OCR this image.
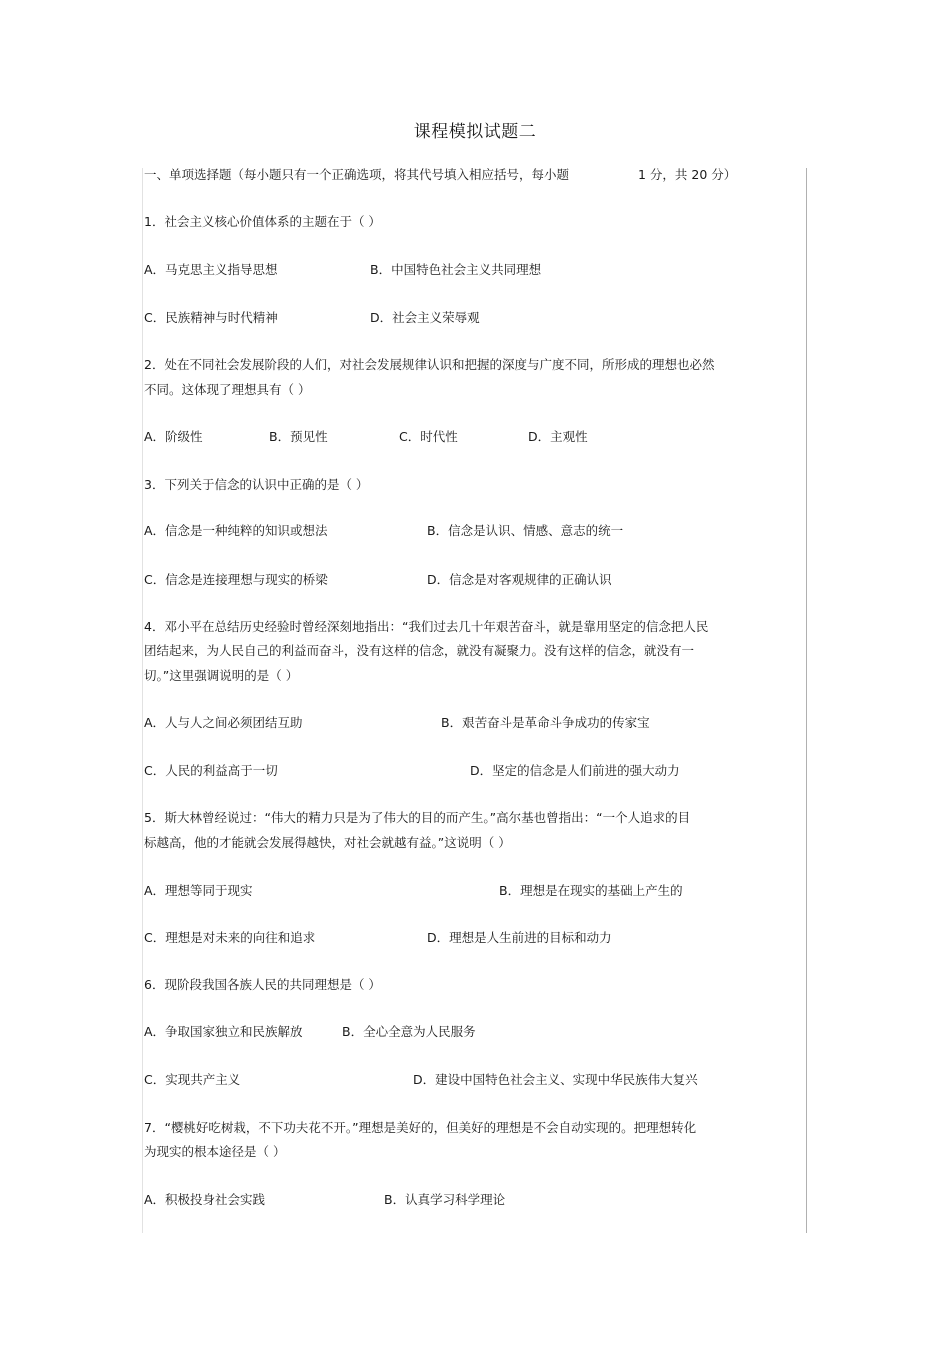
课程模拟试题二
一、单项选择题（每小题只有一个正确选项，将其代号填入相应括号，每小题	1 分，共 20 分）
1．社会主义核心价值体系的主题在于（ ）
A．马克思主义指导思想	B．中国特色社会主义共同理想
C．民族精神与时代精神	D．社会主义荣辱观
2．处在不同社会发展阶段的人们，对社会发展规律认识和把握的深度与广度不同，所形成的理想也必然
不同。这体现了理想具有（ ）
A．阶级性	B．预见性	C．时代性	D．主观性
3．下列关于信念的认识中正确的是（ ）
A．信念是一种纯粹的知识或想法	B．信念是认识、情感、意志的统一
C．信念是连接理想与现实的桥梁	D．信念是对客观规律的正确认识
4．邓小平在总结历史经验时曾经深刻地指出：“我们过去几十年艰苦奋斗，就是靠用坚定的信念把人民
团结起来，为人民自己的利益而奋斗，没有这样的信念，就没有凝聚力。没有这样的信念，就没有一
切。”这里强调说明的是（ ）
A．人与人之间必须团结互助	B．艰苦奋斗是革命斗争成功的传家宝
C．人民的利益高于一切	D．坚定的信念是人们前进的强大动力
5．斯大林曾经说过：“伟大的精力只是为了伟大的目的而产生。”高尔基也曾指出：“一个人追求的目
标越高，他的才能就会发展得越快，对社会就越有益。”这说明（ ）
A．理想等同于现实	B．理想是在现实的基础上产生的
C．理想是对未来的向往和追求	D．理想是人生前进的目标和动力
6．现阶段我国各族人民的共同理想是（ ）
A．争取国家独立和民族解放	B．全心全意为人民服务
C．实现共产主义	D．建设中国特色社会主义、实现中华民族伟大复兴
7．“樱桃好吃树栽，不下功夫花不开。”理想是美好的，但美好的理想是不会自动实现的。把理想转化
为现实的根本途径是（ ）
A．积极投身社会实践	B．认真学习科学理论
